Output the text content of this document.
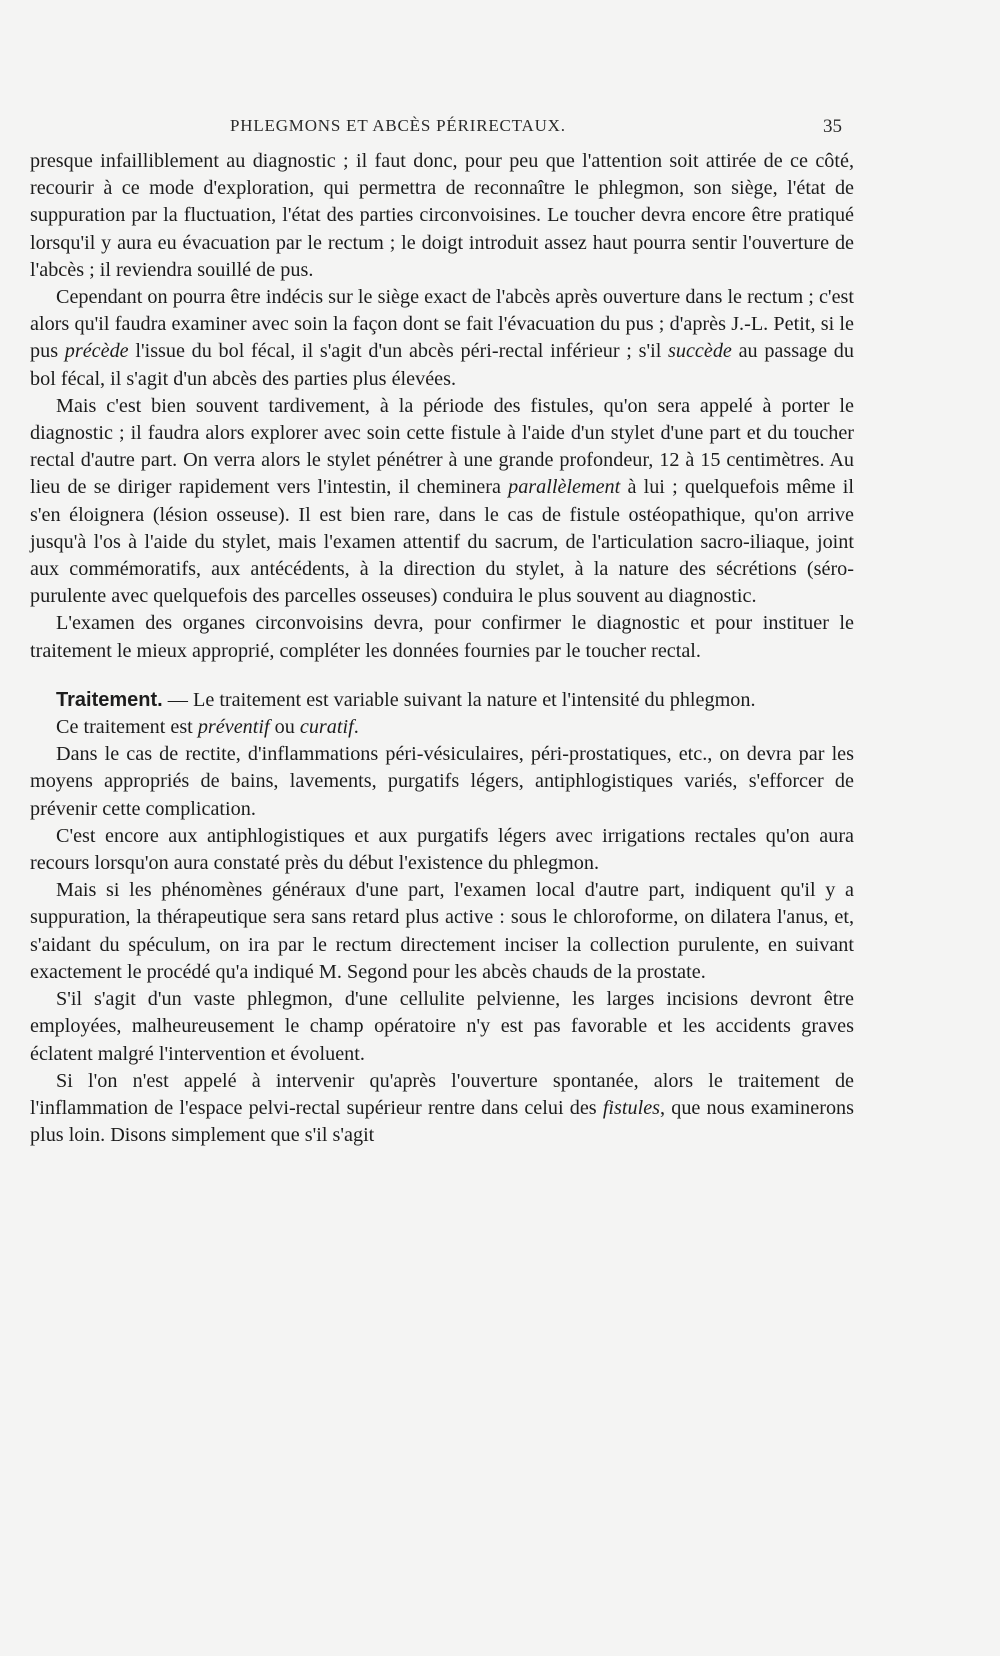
PHLEGMONS ET ABCÈS PÉRIRECTAUX.	35

presque infailliblement au diagnostic ; il faut donc, pour peu que l'attention soit attirée de ce côté, recourir à ce mode d'exploration, qui permettra de reconnaître le phlegmon, son siège, l'état de suppuration par la fluctuation, l'état des parties circonvoisines. Le toucher devra encore être pratiqué lorsqu'il y aura eu évacuation par le rectum ; le doigt introduit assez haut pourra sentir l'ouverture de l'abcès ; il reviendra souillé de pus.

Cependant on pourra être indécis sur le siège exact de l'abcès après ouverture dans le rectum ; c'est alors qu'il faudra examiner avec soin la façon dont se fait l'évacuation du pus ; d'après J.-L. Petit, si le pus précède l'issue du bol fécal, il s'agit d'un abcès péri-rectal inférieur ; s'il succède au passage du bol fécal, il s'agit d'un abcès des parties plus élevées.

Mais c'est bien souvent tardivement, à la période des fistules, qu'on sera appelé à porter le diagnostic ; il faudra alors explorer avec soin cette fistule à l'aide d'un stylet d'une part et du toucher rectal d'autre part. On verra alors le stylet pénétrer à une grande profondeur, 12 à 15 centimètres. Au lieu de se diriger rapidement vers l'intestin, il cheminera parallèlement à lui ; quelquefois même il s'en éloignera (lésion osseuse). Il est bien rare, dans le cas de fistule ostéopathique, qu'on arrive jusqu'à l'os à l'aide du stylet, mais l'examen attentif du sacrum, de l'articulation sacro-iliaque, joint aux commémoratifs, aux antécédents, à la direction du stylet, à la nature des sécrétions (séro-purulente avec quelquefois des parcelles osseuses) conduira le plus souvent au diagnostic.

L'examen des organes circonvoisins devra, pour confirmer le diagnostic et pour instituer le traitement le mieux approprié, compléter les données fournies par le toucher rectal.

Traitement. — Le traitement est variable suivant la nature et l'intensité du phlegmon.

Ce traitement est préventif ou curatif.

Dans le cas de rectite, d'inflammations péri-vésiculaires, péri-prostatiques, etc., on devra par les moyens appropriés de bains, lavements, purgatifs légers, antiphlogistiques variés, s'efforcer de prévenir cette complication.

C'est encore aux antiphlogistiques et aux purgatifs légers avec irrigations rectales qu'on aura recours lorsqu'on aura constaté près du début l'existence du phlegmon.

Mais si les phénomènes généraux d'une part, l'examen local d'autre part, indiquent qu'il y a suppuration, la thérapeutique sera sans retard plus active : sous le chloroforme, on dilatera l'anus, et, s'aidant du spéculum, on ira par le rectum directement inciser la collection purulente, en suivant exactement le procédé qu'a indiqué M. Segond pour les abcès chauds de la prostate.

S'il s'agit d'un vaste phlegmon, d'une cellulite pelvienne, les larges incisions devront être employées, malheureusement le champ opératoire n'y est pas favorable et les accidents graves éclatent malgré l'intervention et évoluent.

Si l'on n'est appelé à intervenir qu'après l'ouverture spontanée, alors le traitement de l'inflammation de l'espace pelvi-rectal supérieur rentre dans celui des fistules, que nous examinerons plus loin. Disons simplement que s'il s'agit
